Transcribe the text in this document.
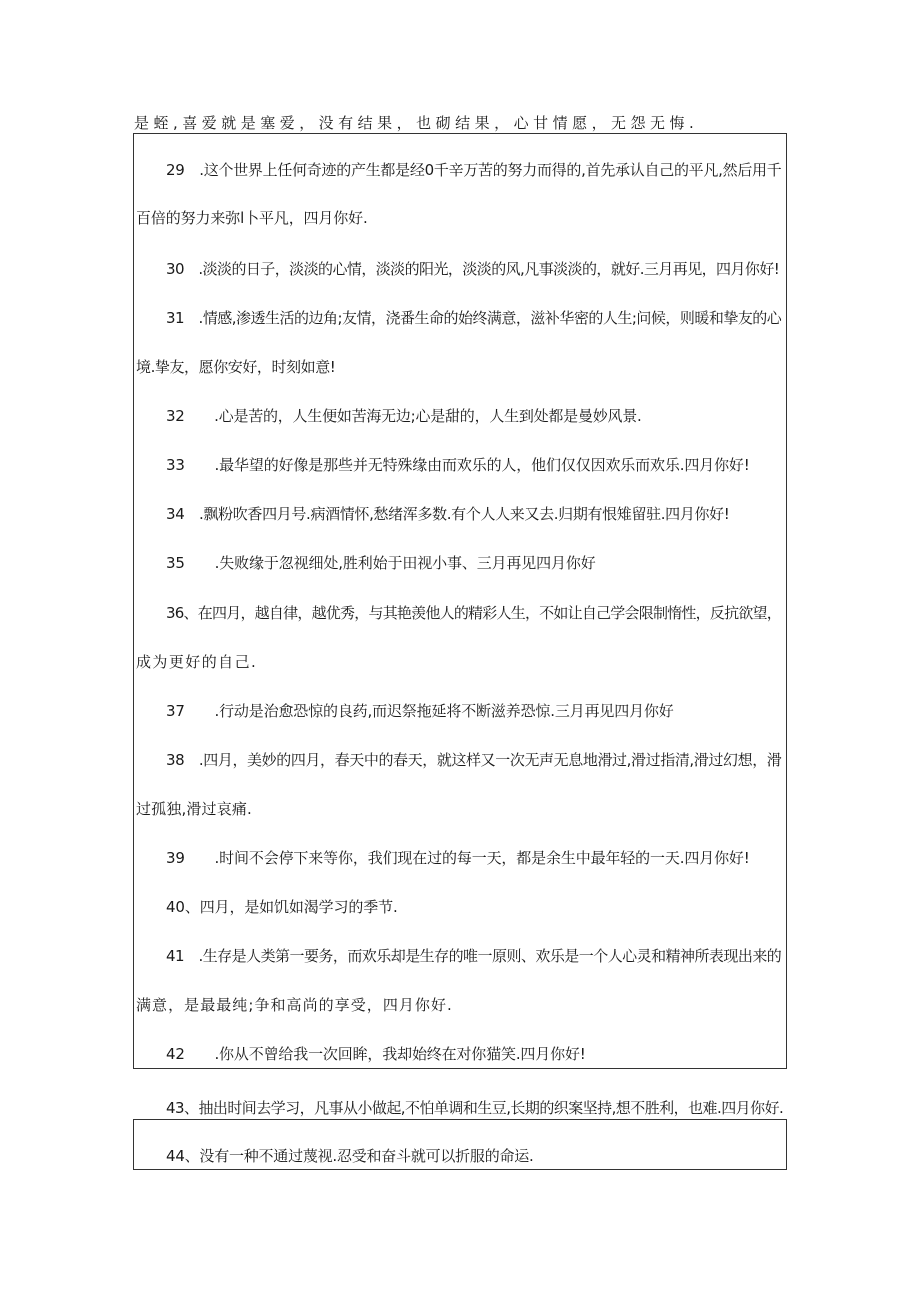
是蛭,喜爱就是塞爱，没有结果，也砌结果，心甘情愿，无怨无悔.
29　.这个世界上任何奇迹的产生都是经0千辛万苦的努力而得的,首先承认自己的平凡,然后用千
百倍的努力来弥l卜平凡，四月你好.
30　.淡淡的日子，淡淡的心情，淡淡的阳光，淡淡的风,凡事淡淡的，就好.三月再见，四月你好!
31　.情感,渗透生活的边角;友情，浇番生命的始终满意，滋补华密的人生;问候，则暖和挚友的心
境.挚友，愿你安好，时刻如意!
32　　.心是苦的，人生便如苦海无边;心是甜的，人生到处都是曼妙风景.
33　　.最华望的好像是那些并无特殊缘由而欢乐的人，他们仅仅因欢乐而欢乐.四月你好!
34　.飘粉吹香四月号.病酒情怀,愁绪浑多数.有个人人来又去.归期有恨雉留驻.四月你好!
35　　.失败缘于忽视细处,胜利始于田视小事、三月再见四月你好
36、在四月，越自律，越优秀，与其艳羡他人的精彩人生，不如让自己学会限制惰性，反抗欲望，
成为更好的自己.
37　　.行动是治愈恐惊的良药,而迟祭拖延将不断滋养恐惊.三月再见四月你好
38　.四月，美妙的四月，春天中的春天，就这样又一次无声无息地滑过,滑过指清,滑过幻想，滑
过孤独,滑过哀痛.
39　　.时间不会停下来等你，我们现在过的每一天，都是余生中最年轻的一天.四月你好!
40、四月，是如饥如渴学习的季节.
41　.生存是人类第一要务，而欢乐却是生存的唯一原则、欢乐是一个人心灵和精神所表现出来的
满意，是最最纯;争和高尚的享受，四月你好.
42　　.你从不曾给我一次回眸，我却始终在对你猫笑.四月你好!
43、抽出时间去学习，凡事从小做起,不怕单调和生豆,长期的织案坚持,想不胜利，也难.四月你好.
44、没有一种不通过蔑视.忍受和奋斗就可以折服的命运.
